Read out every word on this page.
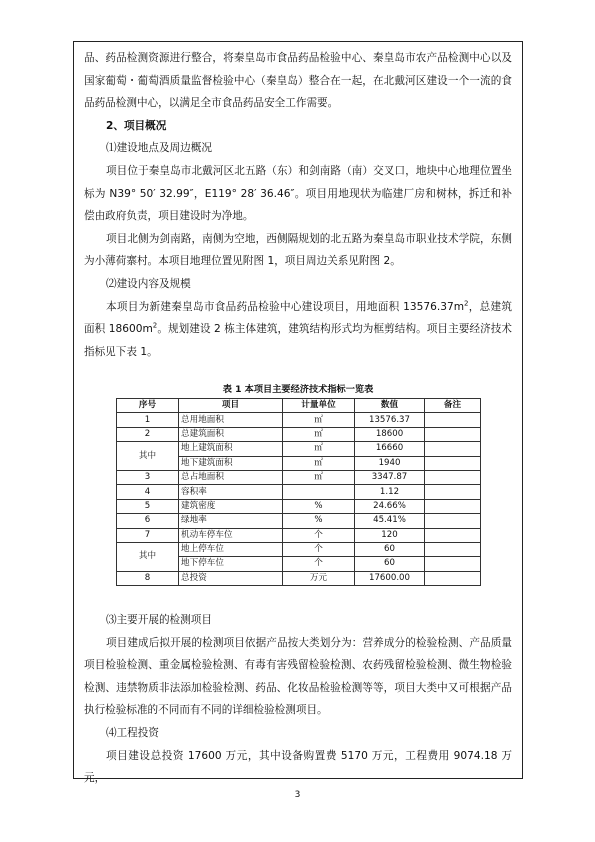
品、药品检测资源进行整合，将秦皇岛市食品药品检验中心、秦皇岛市农产品检测中心以及国家葡萄・葡萄酒质量监督检验中心（秦皇岛）整合在一起，在北戴河区建设一个一流的食品药品检测中心，以满足全市食品药品安全工作需要。

2、项目概况

⑴建设地点及周边概况

项目位于秦皇岛市北戴河区北五路（东）和剑南路（南）交叉口，地块中心地理位置坐标为 N39° 50′ 32.99″，E119° 28′ 36.46″。项目用地现状为临建厂房和树林，拆迁和补偿由政府负责，项目建设时为净地。

项目北侧为剑南路，南侧为空地，西侧隔规划的北五路为秦皇岛市职业技术学院，东侧为小薄荷寨村。本项目地理位置见附图 1，项目周边关系见附图 2。

⑵建设内容及规模

本项目为新建秦皇岛市食品药品检验中心建设项目，用地面积 $13576.37m^2$，总建筑面积 $18600m^2$。规划建设 2 栋主体建筑，建筑结构形式均为框剪结构。项目主要经济技术指标见下表 1。

表 1 本项目主要经济技术指标一览表
序号	项目	计量单位	数值	备注
1	总用地面积	㎡	13576.37	
2	总建筑面积	㎡	18600	
其中	地上建筑面积	㎡	16660	
	地下建筑面积	㎡	1940	
3	总占地面积	㎡	3347.87	
4	容积率		1.12	
5	建筑密度	%	24.66%	
6	绿地率	%	45.41%	
7	机动车停车位	个	120	
其中	地上停车位	个	60	
	地下停车位	个	60	
8	总投资	万元	17600.00	

⑶主要开展的检测项目

项目建成后拟开展的检测项目依据产品按大类划分为：营养成分的检验检测、产品质量项目检验检测、重金属检验检测、有毒有害残留检验检测、农药残留检验检测、微生物检验检测、违禁物质非法添加检验检测、药品、化妆品检验检测等等，项目大类中又可根据产品执行检验标准的不同而有不同的详细检验检测项目。

⑷工程投资

项目建设总投资 17600 万元，其中设备购置费 5170 万元，工程费用 9074.18 万元，

3
